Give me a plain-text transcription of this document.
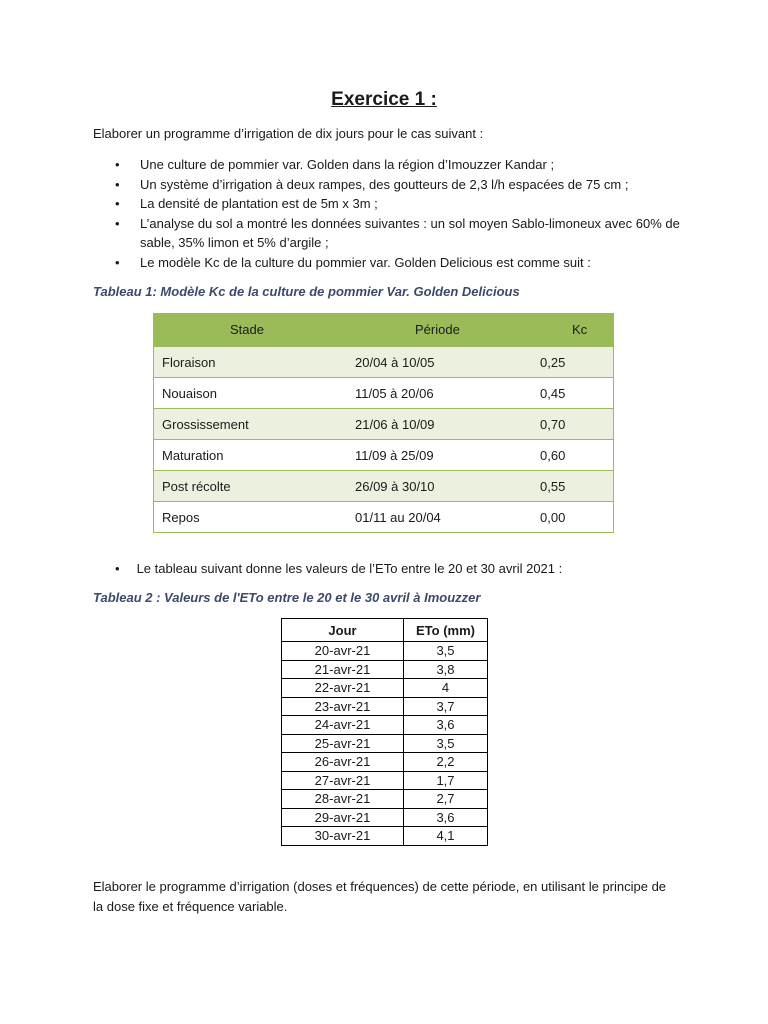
Exercice 1 :
Elaborer un programme d’irrigation de dix jours pour le cas suivant :
• Une culture de pommier var. Golden dans la région d’Imouzzer Kandar ;
• Un système d’irrigation à deux rampes, des goutteurs de 2,3 l/h espacées de 75 cm ;
• La densité de plantation est de 5m x 3m ;
• L’analyse du sol a montré les données suivantes : un sol moyen Sablo-limoneux avec 60% de sable, 35% limon et 5% d’argile ;
• Le modèle Kc de la culture du pommier var. Golden Delicious est comme suit :
Tableau 1: Modèle Kc de la culture de pommier Var. Golden Delicious
Stade	Période	Kc
Floraison	20/04 à 10/05	0,25
Nouaison	11/05 à 20/06	0,45
Grossissement	21/06 à 10/09	0,70
Maturation	11/09 à 25/09	0,60
Post récolte	26/09 à 30/10	0,55
Repos	01/11 au 20/04	0,00
• Le tableau suivant donne les valeurs de l’ETo entre le 20 et 30 avril 2021 :
Tableau 2 : Valeurs de l'ETo entre le 20 et le 30 avril à Imouzzer
Jour	ETo (mm)
20-avr-21	3,5
21-avr-21	3,8
22-avr-21	4
23-avr-21	3,7
24-avr-21	3,6
25-avr-21	3,5
26-avr-21	2,2
27-avr-21	1,7
28-avr-21	2,7
29-avr-21	3,6
30-avr-21	4,1
Elaborer le programme d’irrigation (doses et fréquences) de cette période, en utilisant le principe de la dose fixe et fréquence variable.
